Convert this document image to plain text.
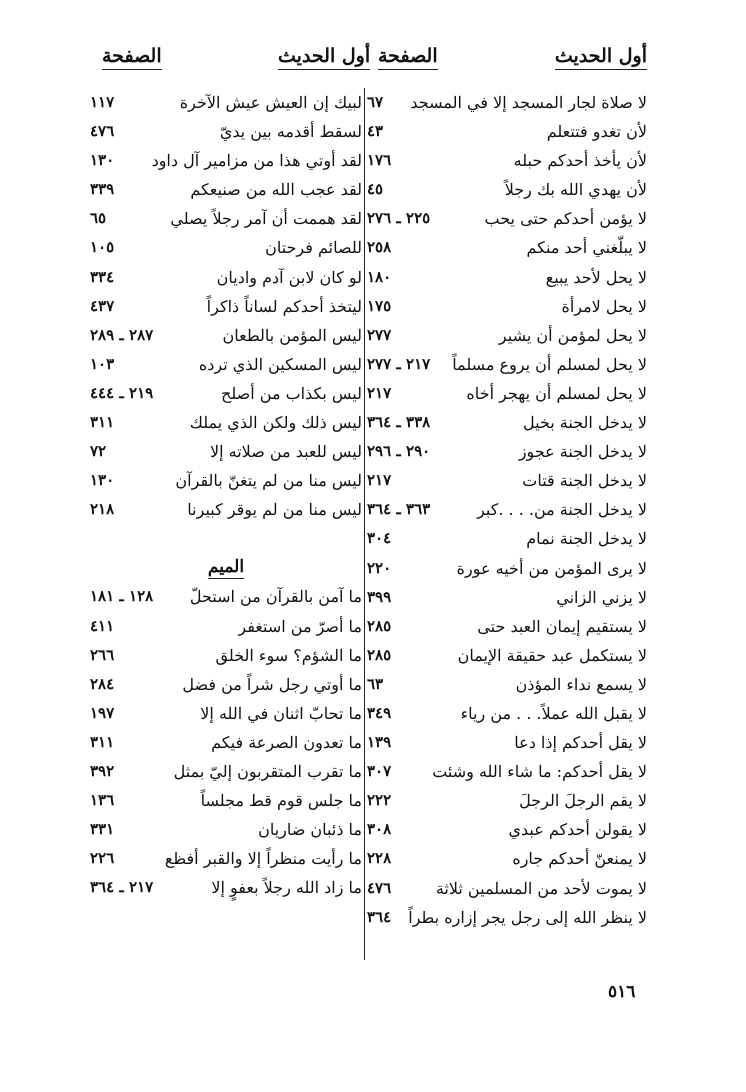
أول الحديث
الصفحة
أول الحديث
الصفحة
لا صلاة لجار المسجد إلا في المسجد
٦٧
لأن تغدو فتتعلم
٤٣
لأن يأخذ أحدكم حبله
١٧٦
لأن يهدي الله بك رجلاً
٤٥
لا يؤمن أحدكم حتى يحب
٢٢٥ ـ ٢٧٦
لا يبلّغني أحد منكم
٢٥٨
لا يحل لأحد يبيع
١٨٠
لا يحل لامرأة
١٧٥
لا يحل لمؤمن أن يشير
٢٧٧
لا يحل لمسلم أن يروع مسلماً
٢١٧ ـ ٢٧٧
لا يحل لمسلم أن يهجر أخاه
٢١٧
لا يدخل الجنة بخيل
٣٣٨ ـ ٣٦٤
لا يدخل الجنة عجوز
٢٩٠ ـ ٢٩٦
لا يدخل الجنة قتات
٢١٧
لا يدخل الجنة من. . . .كبر
٣٦٣ ـ ٣٦٤
لا يدخل الجنة نمام
٣٠٤
لا يرى المؤمن من أخيه عورة
٢٢٠
لا يزني الزاني
٣٩٩
لا يستقيم إيمان العبد حتى
٢٨٥
لا يستكمل عبد حقيقة الإيمان
٢٨٥
لا يسمع نداء المؤذن
٦٣
لا يقبل الله عملاً. . . من رياء
٣٤٩
لا يقل أحدكم إذا دعا
١٣٩
لا يقل أحدكم: ما شاء الله وشئت
٣٠٧
لا يقم الرجلَ الرجلَ
٢٢٢
لا يقولن أحدكم عبدي
٣٠٨
لا يمنعنّ أحدكم جاره
٢٢٨
لا يموت لأحد من المسلمين ثلاثة
٤٧٦
لا ينظر الله إلى رجل يجر إزاره بطراً
٣٦٤
لبيك إن العيش عيش الآخرة
١١٧
لسقط أقدمه بين يديّ
٤٧٦
لقد أوتي هذا من مزامير آل داود
١٣٠
لقد عجب الله من صنيعكم
٣٣٩
لقد هممت أن آمر رجلاً يصلي
٦٥
للصائم فرحتان
١٠٥
لو كان لابن آدم واديان
٣٣٤
ليتخذ أحدكم لساناً ذاكراً
٤٣٧
ليس المؤمن بالطعان
٢٨٧ ـ ٢٨٩
ليس المسكين الذي ترده
١٠٣
ليس بكذاب من أصلح
٢١٩ ـ ٤٤٤
ليس ذلك ولكن الذي يملك
٣١١
ليس للعبد من صلاته إلا
٧٢
ليس منا من لم يتغنّ بالقرآن
١٣٠
ليس منا من لم يوقر كبيرنا
٢١٨
الميم
ما آمن بالقرآن من استحلّ
١٢٨ ـ ١٨١
ما أصرّ من استغفر
٤١١
ما الشؤم؟ سوء الخلق
٢٦٦
ما أوتي رجل شراً من فضل
٢٨٤
ما تحابّ اثنان في الله إلا
١٩٧
ما تعدون الصرعة فيكم
٣١١
ما تقرب المتقربون إليّ بمثل
٣٩٢
ما جلس قوم قط مجلساً
١٣٦
ما ذئبان ضاريان
٣٣١
ما رأيت منظراً إلا والقبر أفظع
٢٢٦
ما زاد الله رجلاً بعفوٍ إلا
٢١٧ ـ ٣٦٤
٥١٦
